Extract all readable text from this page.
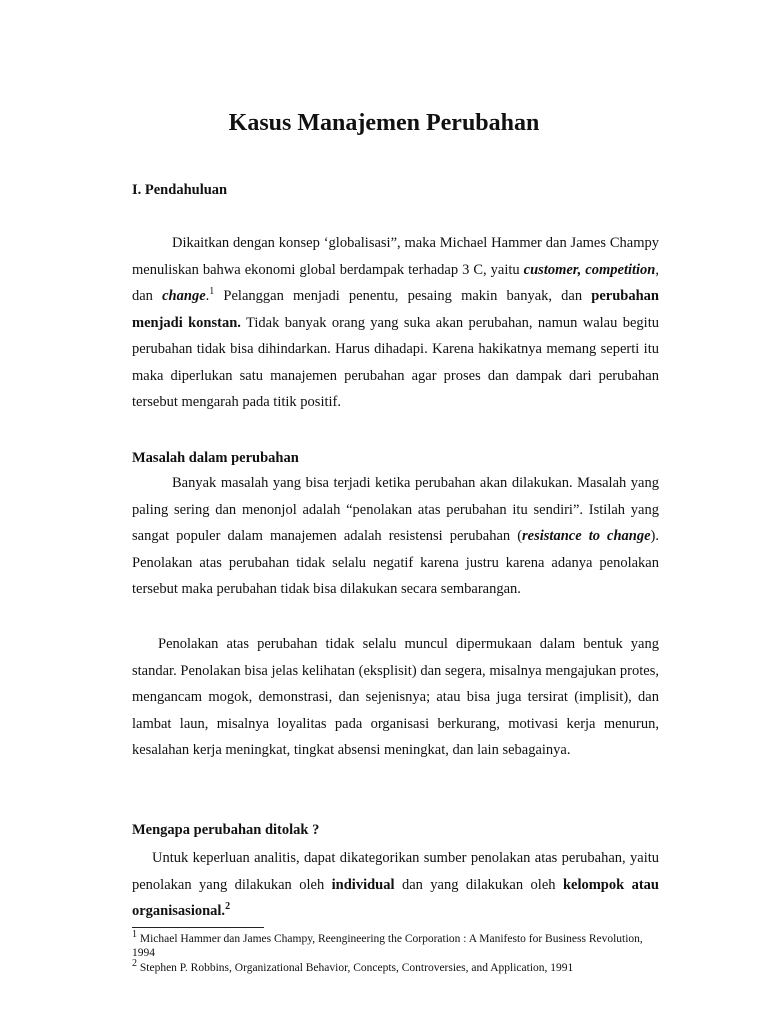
Kasus Manajemen Perubahan
I. Pendahuluan

Dikaitkan dengan konsep ‘globalisasi”, maka Michael Hammer dan James Champy menuliskan bahwa ekonomi global berdampak terhadap 3 C, yaitu customer, competition, dan change.$^1$ Pelanggan menjadi penentu, pesaing makin banyak, dan perubahan menjadi konstan. Tidak banyak orang yang suka akan perubahan, namun walau begitu perubahan tidak bisa dihindarkan. Harus dihadapi. Karena hakikatnya memang seperti itu maka diperlukan satu manajemen perubahan agar proses dan dampak dari perubahan tersebut mengarah pada titik positif.

Masalah dalam perubahan

Banyak masalah yang bisa terjadi ketika perubahan akan dilakukan. Masalah yang paling sering dan menonjol adalah “penolakan atas perubahan itu sendiri”. Istilah yang sangat populer dalam manajemen adalah resistensi perubahan (resistance to change). Penolakan atas perubahan tidak selalu negatif karena justru karena adanya penolakan tersebut maka perubahan tidak bisa dilakukan secara sembarangan.

Penolakan atas perubahan tidak selalu muncul dipermukaan dalam bentuk yang standar. Penolakan bisa jelas kelihatan (eksplisit) dan segera, misalnya mengajukan protes, mengancam mogok, demonstrasi, dan sejenisnya; atau bisa juga tersirat (implisit), dan lambat laun, misalnya loyalitas pada organisasi berkurang, motivasi kerja menurun, kesalahan kerja meningkat, tingkat absensi meningkat, dan lain sebagainya.

Mengapa perubahan ditolak ?

Untuk keperluan analitis, dapat dikategorikan sumber penolakan atas perubahan, yaitu penolakan yang dilakukan oleh individual dan yang dilakukan oleh kelompok atau organisasional.$^2$

$^1$ Michael Hammer dan James Champy, Reengineering the Corporation : A Manifesto for Business Revolution, 1994

$^2$ Stephen P. Robbins, Organizational Behavior, Concepts, Controversies, and Application, 1991
